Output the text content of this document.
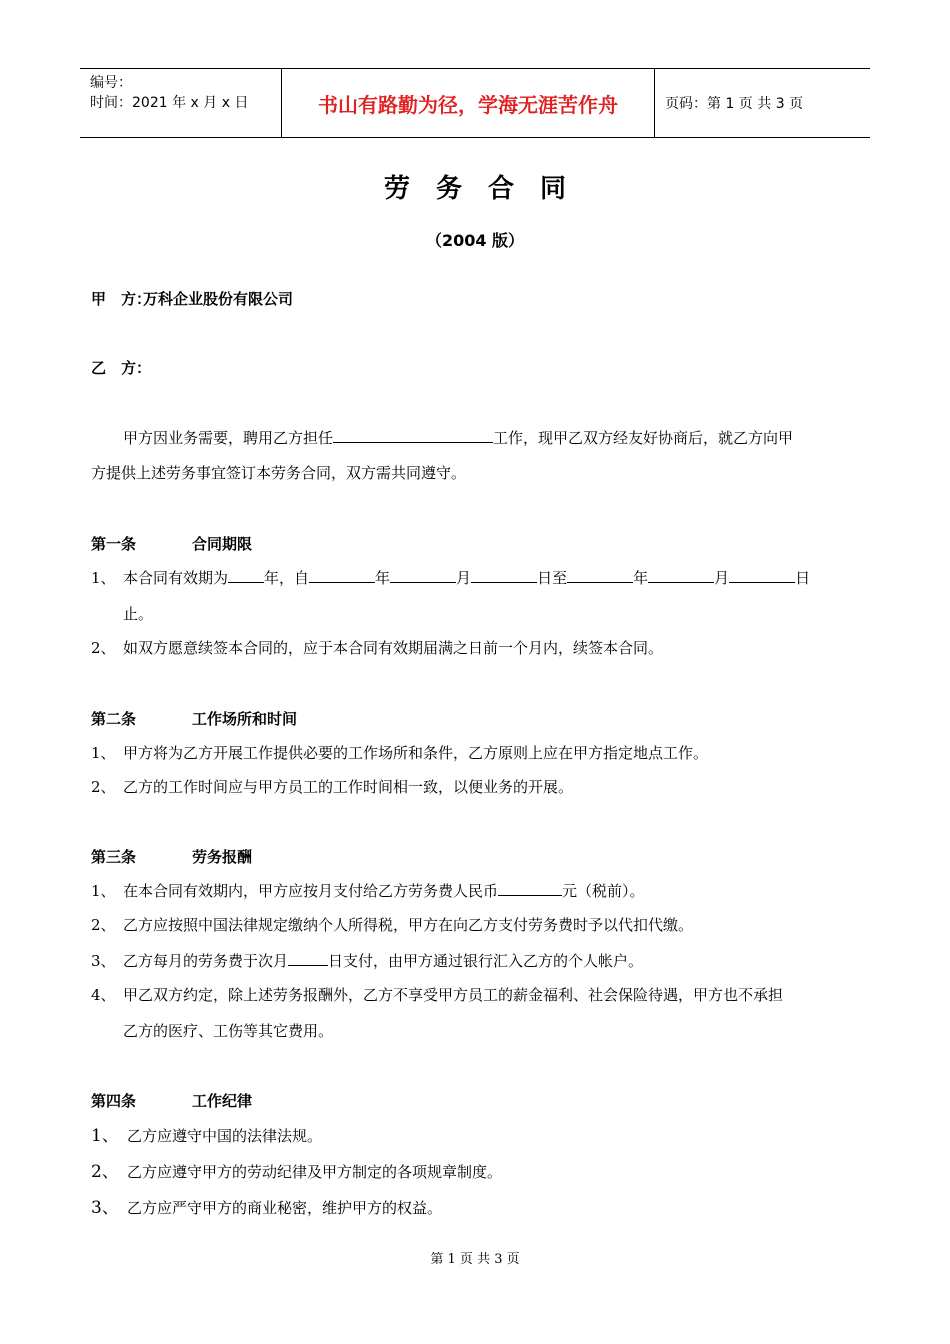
编号：
时间：2021 年 x 月 x 日	书山有路勤为径，学海无涯苦作舟	页码：第 1 页 共 3 页
劳务合同
（2004 版）
甲　方：万科企业股份有限公司
乙　方：
甲方因业务需要，聘用乙方担任	工作，现甲乙双方经友好协商后，就乙方向甲
方提供上述劳务事宜签订本劳务合同，双方需共同遵守。
第一条	合同期限
1、 本合同有效期为 年，自	年	月	日至	年	月	日
止。
2、 如双方愿意续签本合同的，应于本合同有效期届满之日前一个月内，续签本合同。
第二条	工作场所和时间
1、 甲方将为乙方开展工作提供必要的工作场所和条件，乙方原则上应在甲方指定地点工作。
2、 乙方的工作时间应与甲方员工的工作时间相一致，以便业务的开展。
第三条	劳务报酬
1、 在本合同有效期内，甲方应按月支付给乙方劳务费人民币	元（税前）。
2、 乙方应按照中国法律规定缴纳个人所得税，甲方在向乙方支付劳务费时予以代扣代缴。
3、 乙方每月的劳务费于次月	日支付，由甲方通过银行汇入乙方的个人帐户。
4、 甲乙双方约定，除上述劳务报酬外，乙方不享受甲方员工的薪金福利、社会保险待遇，甲方也不承担
乙方的医疗、工伤等其它费用。
第四条	工作纪律
1、 乙方应遵守中国的法律法规。
2、 乙方应遵守甲方的劳动纪律及甲方制定的各项规章制度。
3、 乙方应严守甲方的商业秘密，维护甲方的权益。
第 1 页 共 3 页
